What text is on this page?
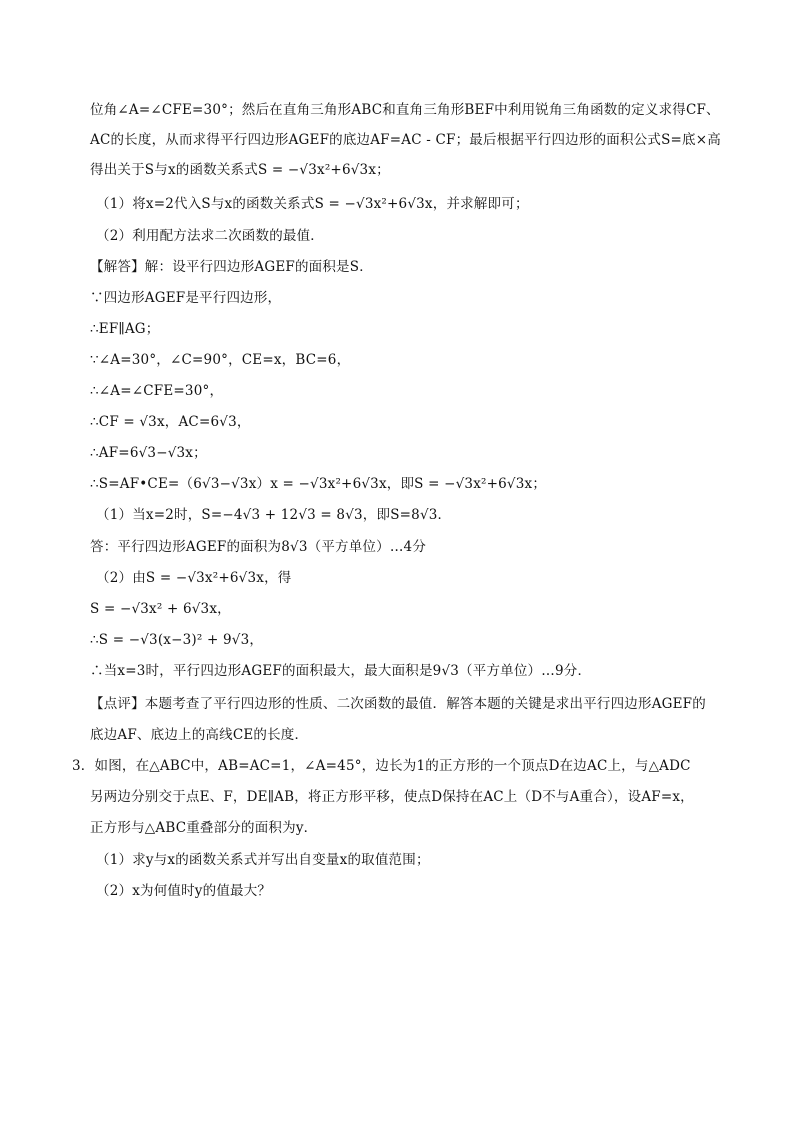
位角∠A=∠CFE=30°；然后在直角三角形ABC和直角三角形BEF中利用锐角三角函数的定义求得CF、
AC的长度，从而求得平行四边形AGEF的底边AF=AC - CF；最后根据平行四边形的面积公式S=底×高
得出关于S与x的函数关系式S = −√3x²+6√3x；
（1）将x=2代入S与x的函数关系式S = −√3x²+6√3x，并求解即可；
（2）利用配方法求二次函数的最值．
【解答】解：设平行四边形AGEF的面积是S．
∵四边形AGEF是平行四边形，
∴EF∥AG；
∵∠A=30°，∠C=90°，CE=x，BC=6，
∴∠A=∠CFE=30°，
∴CF = √3x，AC=6√3，
∴AF=6√3−√3x；
∴S=AF•CE=（6√3−√3x）x = −√3x²+6√3x，即S = −√3x²+6√3x；
（1）当x=2时，S=−4√3 + 12√3 = 8√3，即S=8√3．
答：平行四边形AGEF的面积为8√3（平方单位）…4分
（2）由S = −√3x²+6√3x，得
S = −√3x² + 6√3x，
∴S = −√3(x−3)² + 9√3，
∴当x=3时，平行四边形AGEF的面积最大，最大面积是9√3（平方单位）…9分．
【点评】本题考查了平行四边形的性质、二次函数的最值．解答本题的关键是求出平行四边形AGEF的
底边AF、底边上的高线CE的长度．
3．如图，在△ABC中，AB=AC=1，∠A=45°，边长为1的正方形的一个顶点D在边AC上，与△ADC
另两边分别交于点E、F，DE∥AB，将正方形平移，使点D保持在AC上（D不与A重合），设AF=x，
正方形与△ABC重叠部分的面积为y．
（1）求y与x的函数关系式并写出自变量x的取值范围；
（2）x为何值时y的值最大？
